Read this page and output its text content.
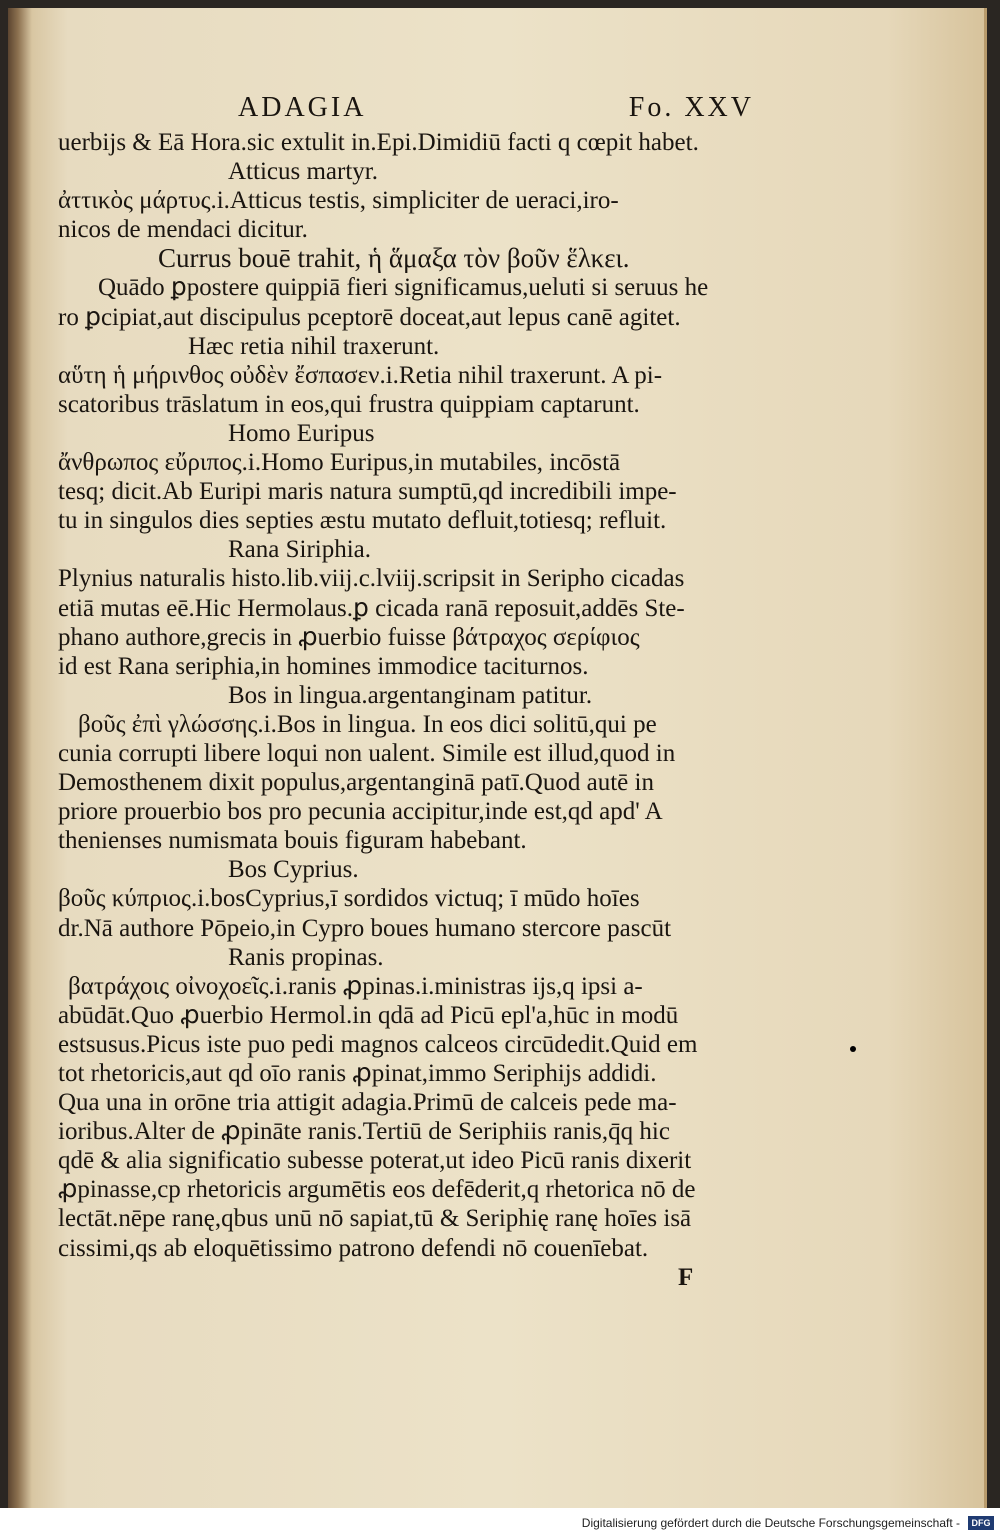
ADAGIA	Fo. XXV
uerbijs & Eā Hora.sic extulit in.Epi.Dimidiū facti q cœpit habet.
Atticus martyr.
ἀττικὸς μάρτυς.i.Atticus testis, simpliciter de ueraci,iro-
nicos de mendaci dicitur.
Currus bouē trahit, ἡ ἅμαξα τὸν βοῦν ἕλκει.
Quādo ꝑpostere quippiā fieri significamus,ueluti si seruus he
ro ꝑcipiat,aut discipulus pceptorē doceat,aut lepus canē agitet.
Hæc retia nihil traxerunt.
αὕτη ἡ μήρινθος οὐδὲν ἔσπασεν.i.Retia nihil traxerunt. A pi-
scatoribus trāslatum in eos,qui frustra quippiam captarunt.
Homo Euripus
ἄνθρωπος εὔριπος.i.Homo Euripus,in mutabiles, incōstā
tesq; dicit.Ab Euripi maris natura sumptū,qd incredibili impe-
tu in singulos dies septies æstu mutato defluit,totiesq; refluit.
Rana Siriphia.
Plynius naturalis histo.lib.viij.c.lviij.scripsit in Seripho cicadas
etiā mutas eē.Hic Hermolaus.ꝑ cicada ranā reposuit,addēs Ste-
phano authore,grecis in ꝓuerbio fuisse βάτραχος σερίφιος
id est Rana seriphia,in homines immodice taciturnos.
Bos in lingua.argentanginam patitur.
βοῦς ἐπὶ γλώσσης.i.Bos in lingua. In eos dici solitū,qui pe
cunia corrupti libere loqui non ualent. Simile est illud,quod in
Demosthenem dixit populus,argentanginā patī.Quod autē in
priore prouerbio bos pro pecunia accipitur,inde est,qd apd' A
thenienses numismata bouis figuram habebant.
Bos Cyprius.
βοῦς κύπριος.i.bosCyprius,ī sordidos victuq; ī mūdo hoīes
dr.Nā authore Pōpeio,in Cypro boues humano stercore pascūt
Ranis propinas.
βατράχοις οἰνοχοεῖς.i.ranis ꝓpinas.i.ministras ijs,q ipsi a-
abūdāt.Quo ꝓuerbio Hermol.in qdā ad Picū epl'a,hūc in modū
estsusus.Picus iste puo pedi magnos calceos circūdedit.Quid em
tot rhetoricis,aut qd oīo ranis ꝓpinat,immo Seriphijs addidi.
Qua una in orōne tria attigit adagia.Primū de calceis pede ma-
ioribus.Alter de ꝓpināte ranis.Tertiū de Seriphiis ranis,q̄q hic
qdē & alia significatio subesse poterat,ut ideo Picū ranis dixerit
ꝓpinasse,cp rhetoricis argumētis eos defēderit,q rhetorica nō de
lectāt.nēpe ranę,qbus unū nō sapiat,tū & Seriphię ranę hoīes isā
cissimi,qs ab eloquētissimo patrono defendi nō couenīebat.
F
Digitalisierung gefördert durch die Deutsche Forschungsgemeinschaft -	DFG
